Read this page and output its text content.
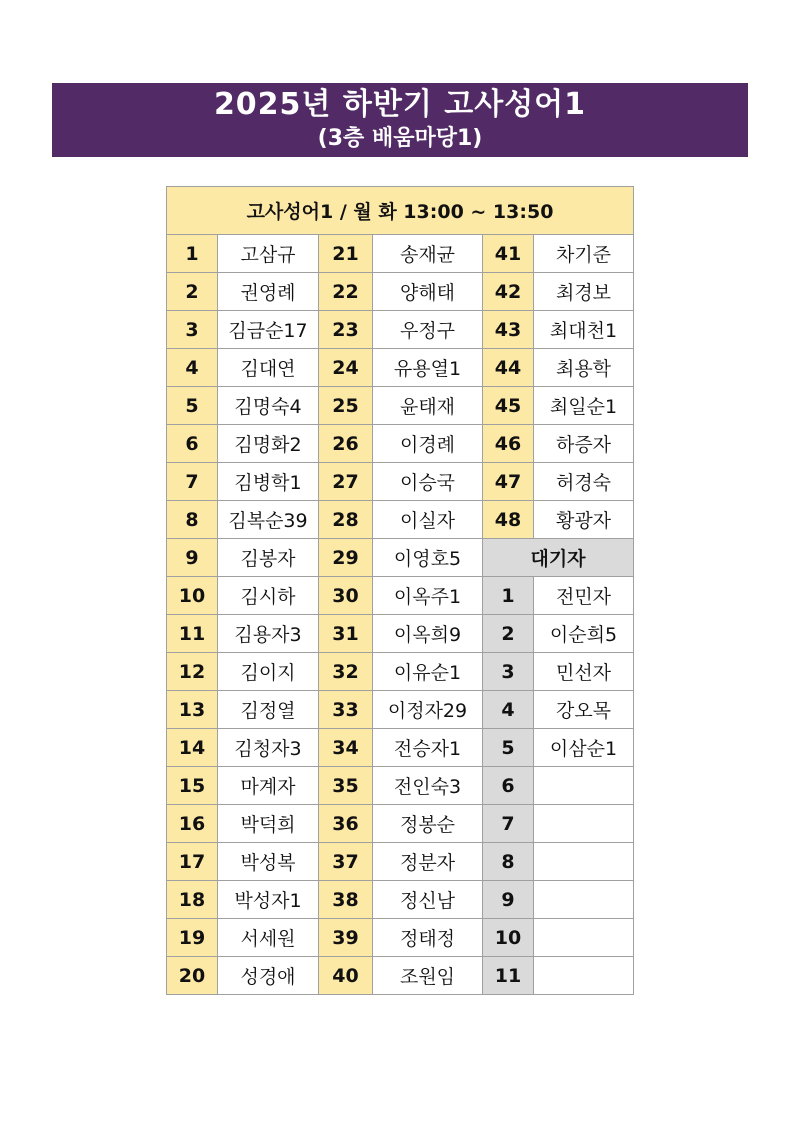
2025년 하반기 고사성어1
(3층 배움마당1)
고사성어1 / 월 화 13:00 ~ 13:50					
1	고삼규	21	송재균	41	차기준
2	권영례	22	양해태	42	최경보
3	김금순17	23	우정구	43	최대천1
4	김대연	24	유용열1	44	최용학
5	김명숙4	25	윤태재	45	최일순1
6	김명화2	26	이경례	46	하증자
7	김병학1	27	이승국	47	허경숙
8	김복순39	28	이실자	48	황광자
9	김봉자	29	이영호5	대기자	
10	김시하	30	이옥주1	1	전민자
11	김용자3	31	이옥희9	2	이순희5
12	김이지	32	이유순1	3	민선자
13	김정열	33	이정자29	4	강오목
14	김청자3	34	전승자1	5	이삼순1
15	마계자	35	전인숙3	6	
16	박덕희	36	정봉순	7	
17	박성복	37	정분자	8	
18	박성자1	38	정신남	9	
19	서세원	39	정태정	10	
20	성경애	40	조원임	11	
